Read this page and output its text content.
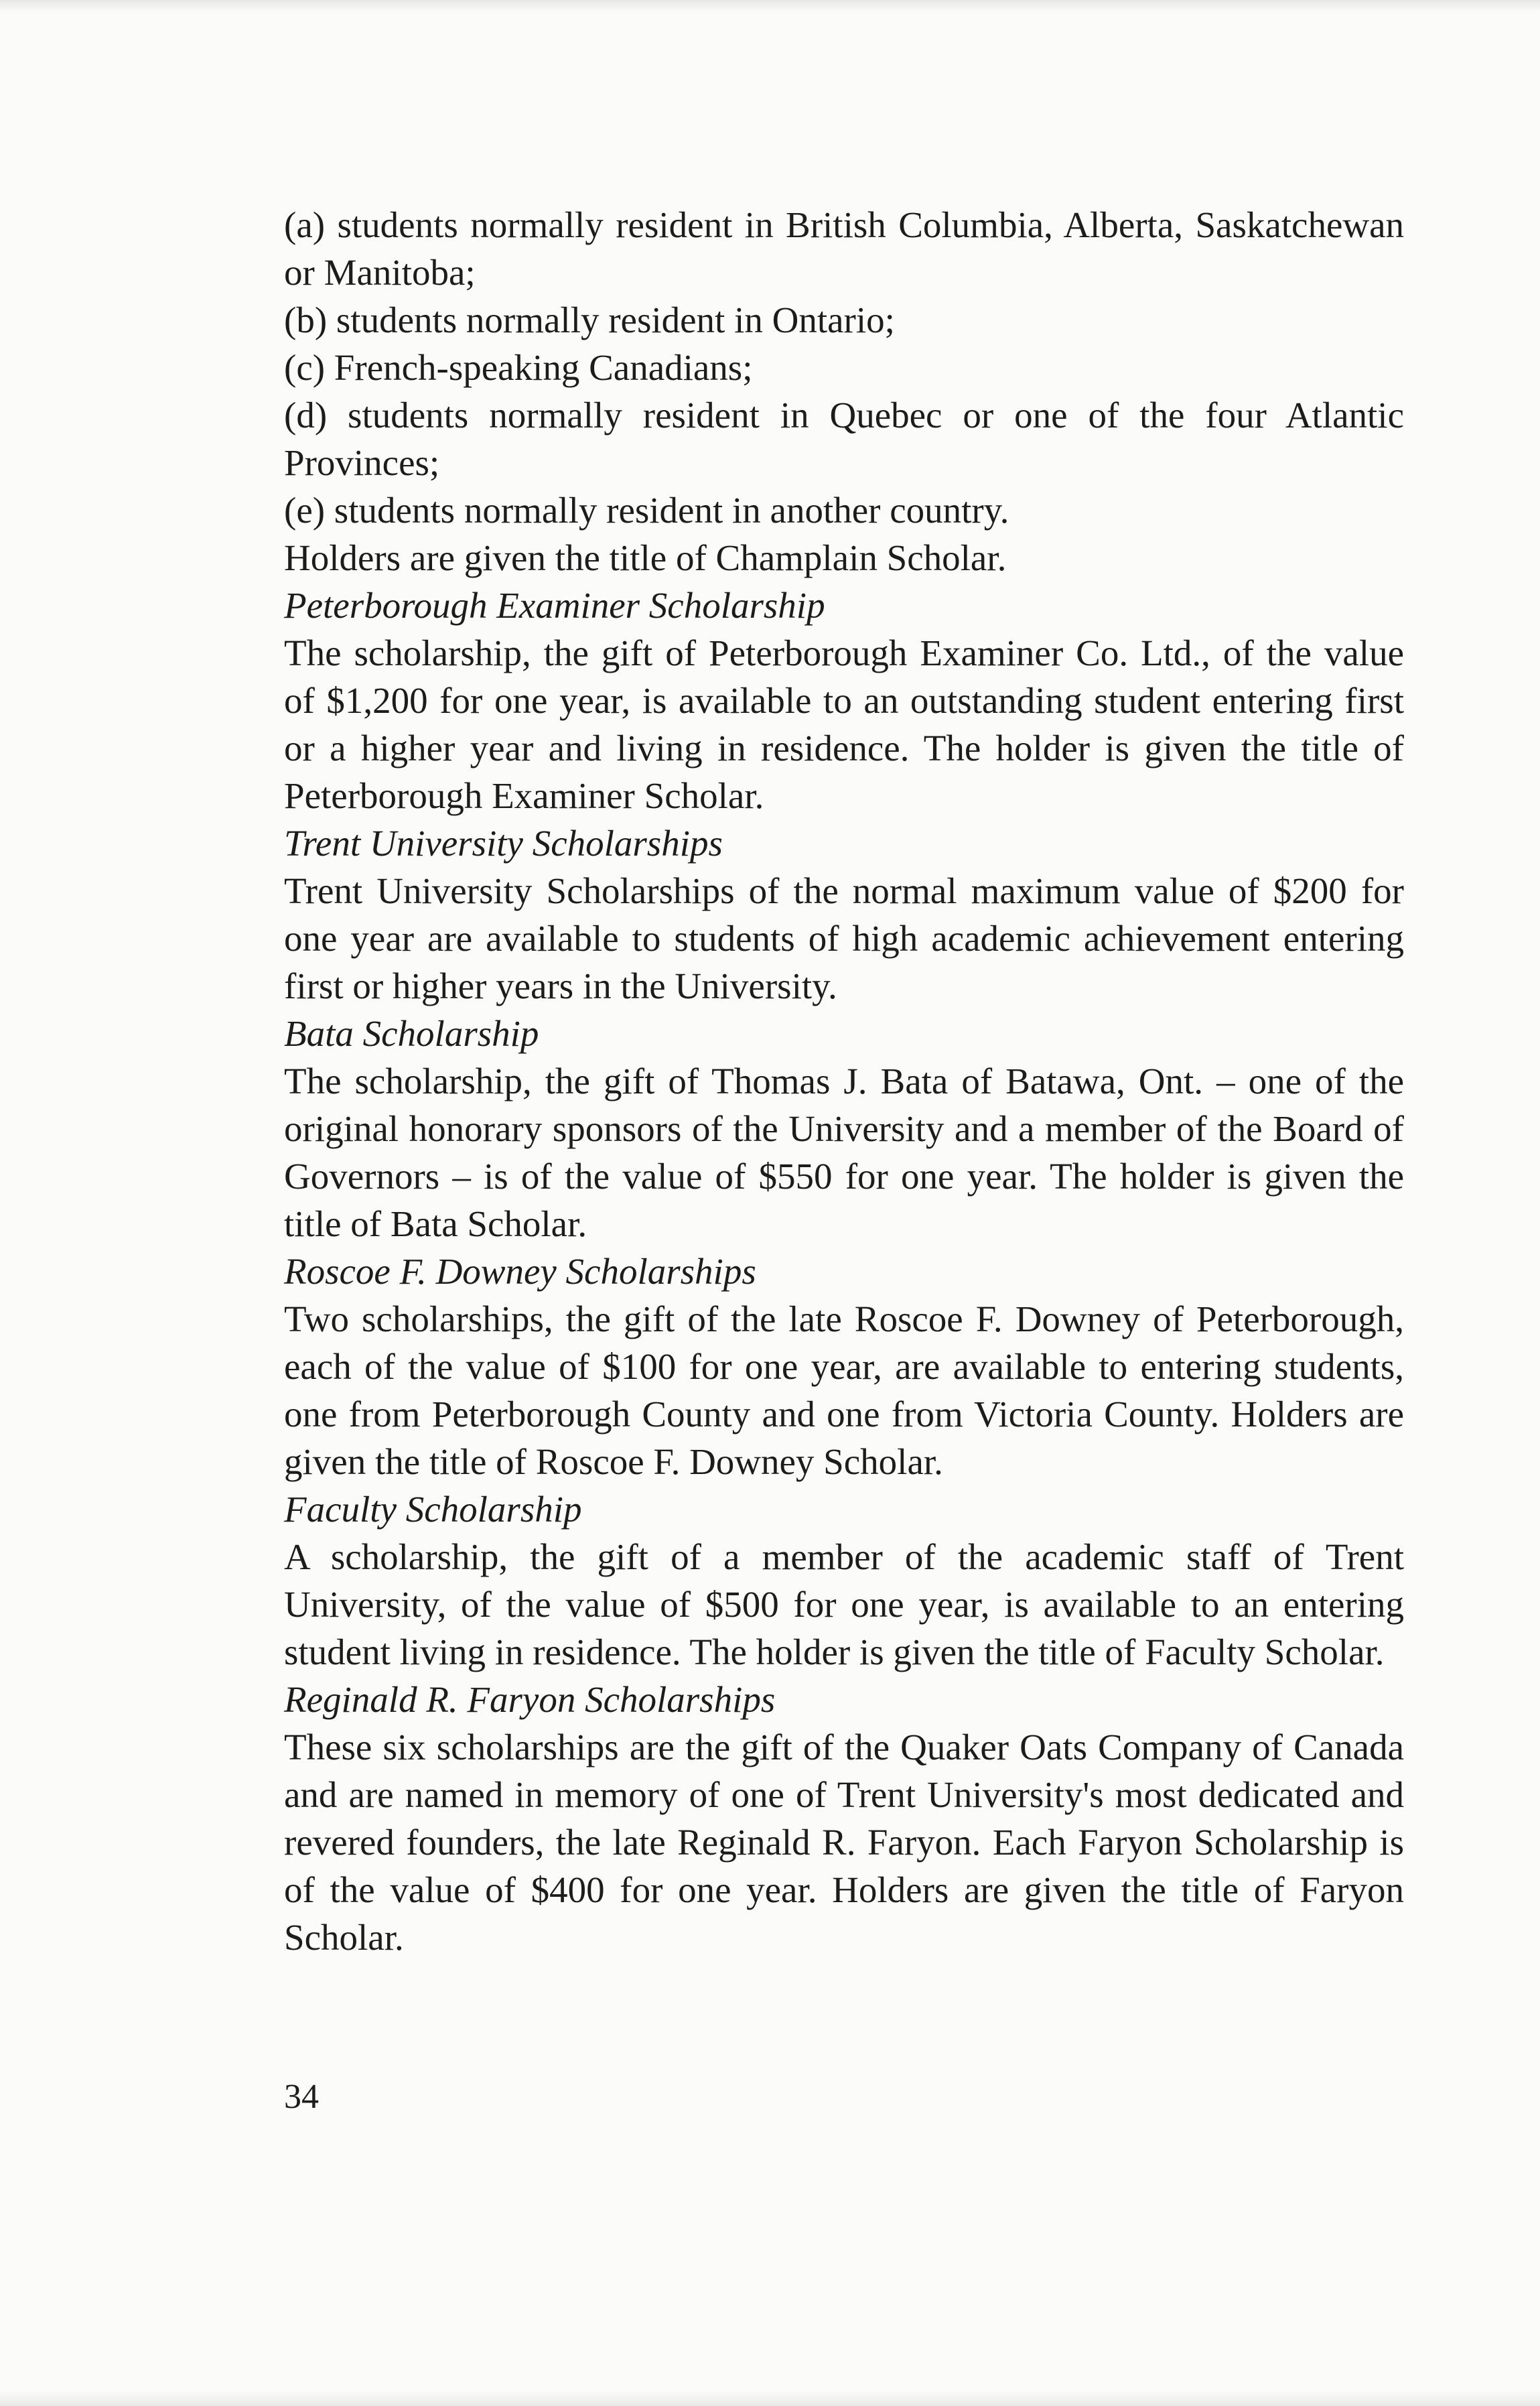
(a) students normally resident in British Columbia, Alberta, Saskatchewan or Manitoba;

(b) students normally resident in Ontario;

(c) French-speaking Canadians;

(d) students normally resident in Quebec or one of the four Atlantic Provinces;

(e) students normally resident in another country.

Holders are given the title of Champlain Scholar.

Peterborough Examiner Scholarship

The scholarship, the gift of Peterborough Examiner Co. Ltd., of the value of $1,200 for one year, is available to an outstanding student entering first or a higher year and living in residence. The holder is given the title of Peterborough Examiner Scholar.

Trent University Scholarships

Trent University Scholarships of the normal maximum value of $200 for one year are available to students of high academic achievement entering first or higher years in the University.

Bata Scholarship

The scholarship, the gift of Thomas J. Bata of Batawa, Ont. – one of the original honorary sponsors of the University and a member of the Board of Governors – is of the value of $550 for one year. The holder is given the title of Bata Scholar.

Roscoe F. Downey Scholarships

Two scholarships, the gift of the late Roscoe F. Downey of Peterborough, each of the value of $100 for one year, are available to entering students, one from Peterborough County and one from Victoria County. Holders are given the title of Roscoe F. Downey Scholar.

Faculty Scholarship

A scholarship, the gift of a member of the academic staff of Trent University, of the value of $500 for one year, is available to an entering student living in residence. The holder is given the title of Faculty Scholar.

Reginald R. Faryon Scholarships

These six scholarships are the gift of the Quaker Oats Company of Canada and are named in memory of one of Trent University's most dedicated and revered founders, the late Reginald R. Faryon. Each Faryon Scholarship is of the value of $400 for one year. Holders are given the title of Faryon Scholar.

34
